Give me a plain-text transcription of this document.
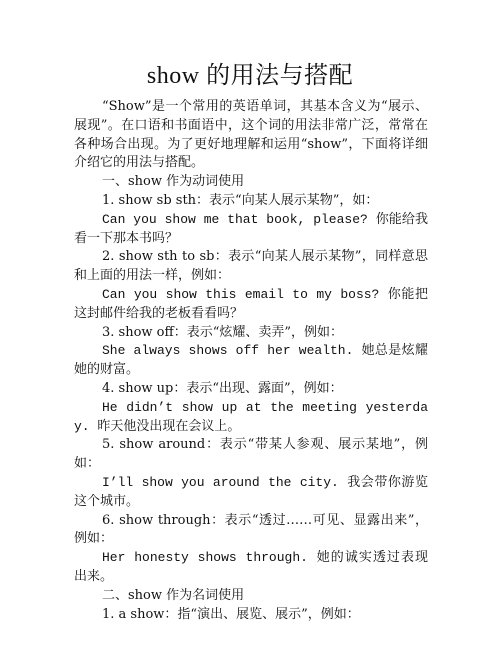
show 的用法与搭配

“Show”是一个常用的英语单词，其基本含义为“展示、展现”。在口语和书面语中，这个词的用法非常广泛，常常在各种场合出现。为了更好地理解和运用“show”，下面将详细介绍它的用法与搭配。

一、show 作为动词使用

1. show sb sth：表示“向某人展示某物”，如：

Can you show me that book, please? 你能给我看一下那本书吗？

2. show sth to sb：表示“向某人展示某物”，同样意思和上面的用法一样，例如：

Can you show this email to my boss? 你能把这封邮件给我的老板看看吗？

3. show off：表示“炫耀、卖弄”，例如：

She always shows off her wealth. 她总是炫耀她的财富。

4. show up：表示“出现、露面”，例如：

He didn’t show up at the meeting yesterday. 昨天他没出现在会议上。

5. show around：表示“带某人参观、展示某地”，例如：

I’ll show you around the city. 我会带你游览这个城市。

6. show through：表示“透过……可见、显露出来”，例如：

Her honesty shows through. 她的诚实透过表现出来。

二、show 作为名词使用

1. a show：指“演出、展览、展示”，例如：
